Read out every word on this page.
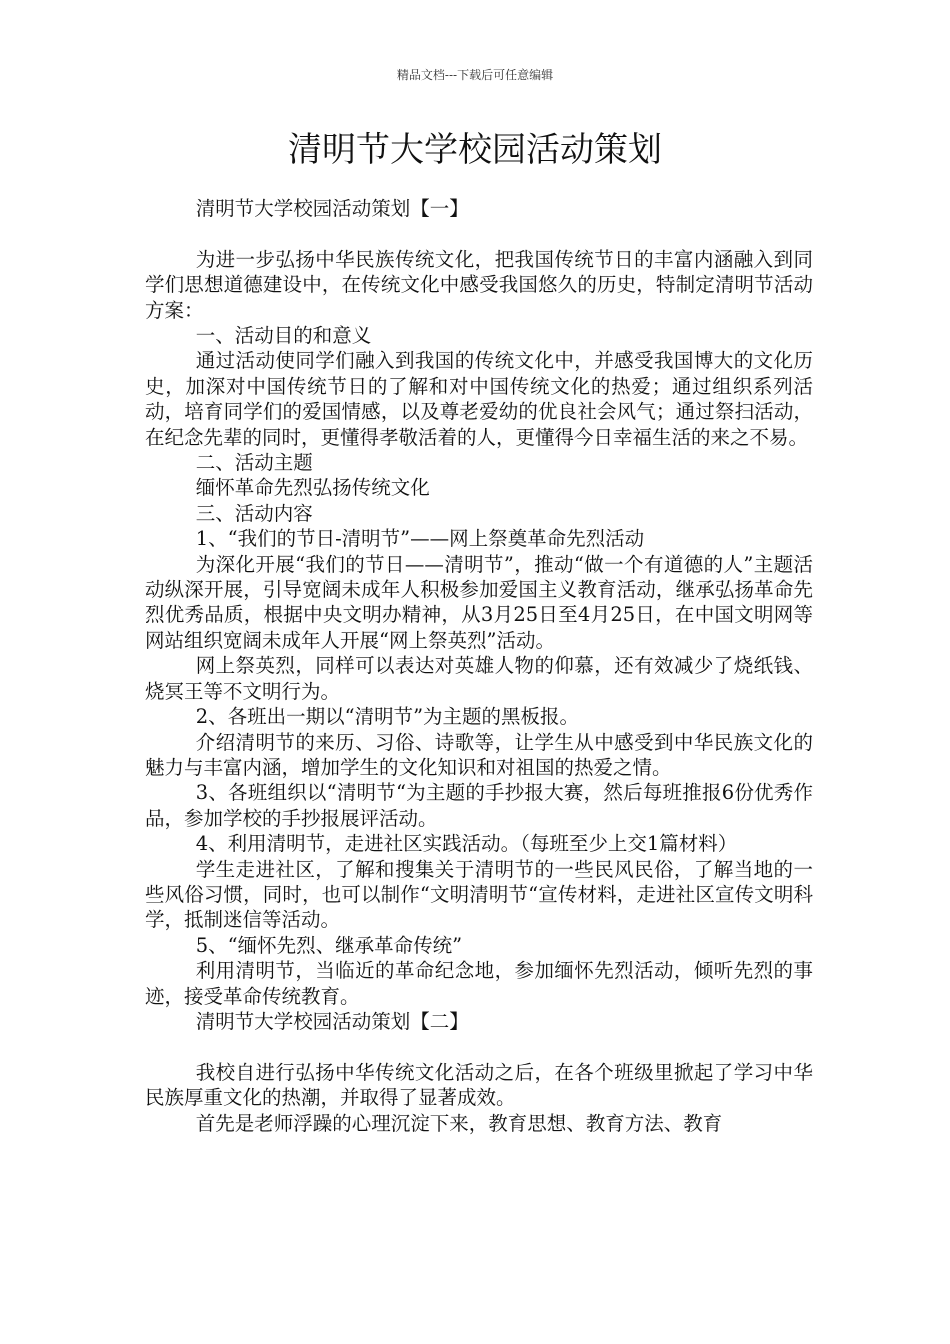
精品文档---下载后可任意编辑
清明节大学校园活动策划

清明节大学校园活动策划【一】

为进一步弘扬中华民族传统文化，把我国传统节日的丰富内涵融入到同学们思想道德建设中，在传统文化中感受我国悠久的历史，特制定清明节活动方案：

一、活动目的和意义

通过活动使同学们融入到我国的传统文化中，并感受我国博大的文化历史，加深对中国传统节日的了解和对中国传统文化的热爱；通过组织系列活动，培育同学们的爱国情感，以及尊老爱幼的优良社会风气；通过祭扫活动，在纪念先辈的同时，更懂得孝敬活着的人，更懂得今日幸福生活的来之不易。

二、活动主题

缅怀革命先烈弘扬传统文化

三、活动内容

1、“我们的节日-清明节”——网上祭奠革命先烈活动

为深化开展“我们的节日——清明节”，推动“做一个有道德的人”主题活动纵深开展，引导宽阔未成年人积极参加爱国主义教育活动，继承弘扬革命先烈优秀品质，根据中央文明办精神，从3月25日至4月25日，在中国文明网等网站组织宽阔未成年人开展“网上祭英烈”活动。

网上祭英烈，同样可以表达对英雄人物的仰慕，还有效减少了烧纸钱、烧冥王等不文明行为。

2、各班出一期以“清明节”为主题的黑板报。

介绍清明节的来历、习俗、诗歌等，让学生从中感受到中华民族文化的魅力与丰富内涵，增加学生的文化知识和对祖国的热爱之情。

3、各班组织以“清明节“为主题的手抄报大赛，然后每班推报6份优秀作品，参加学校的手抄报展评活动。

4、利用清明节，走进社区实践活动。（每班至少上交1篇材料）

学生走进社区，了解和搜集关于清明节的一些民风民俗，了解当地的一些风俗习惯，同时，也可以制作“文明清明节“宣传材料，走进社区宣传文明科学，抵制迷信等活动。

5、“缅怀先烈、继承革命传统”

利用清明节，当临近的革命纪念地，参加缅怀先烈活动，倾听先烈的事迹，接受革命传统教育。

清明节大学校园活动策划【二】

我校自进行弘扬中华传统文化活动之后，在各个班级里掀起了学习中华民族厚重文化的热潮，并取得了显著成效。

首先是老师浮躁的心理沉淀下来，教育思想、教育方法、教育
